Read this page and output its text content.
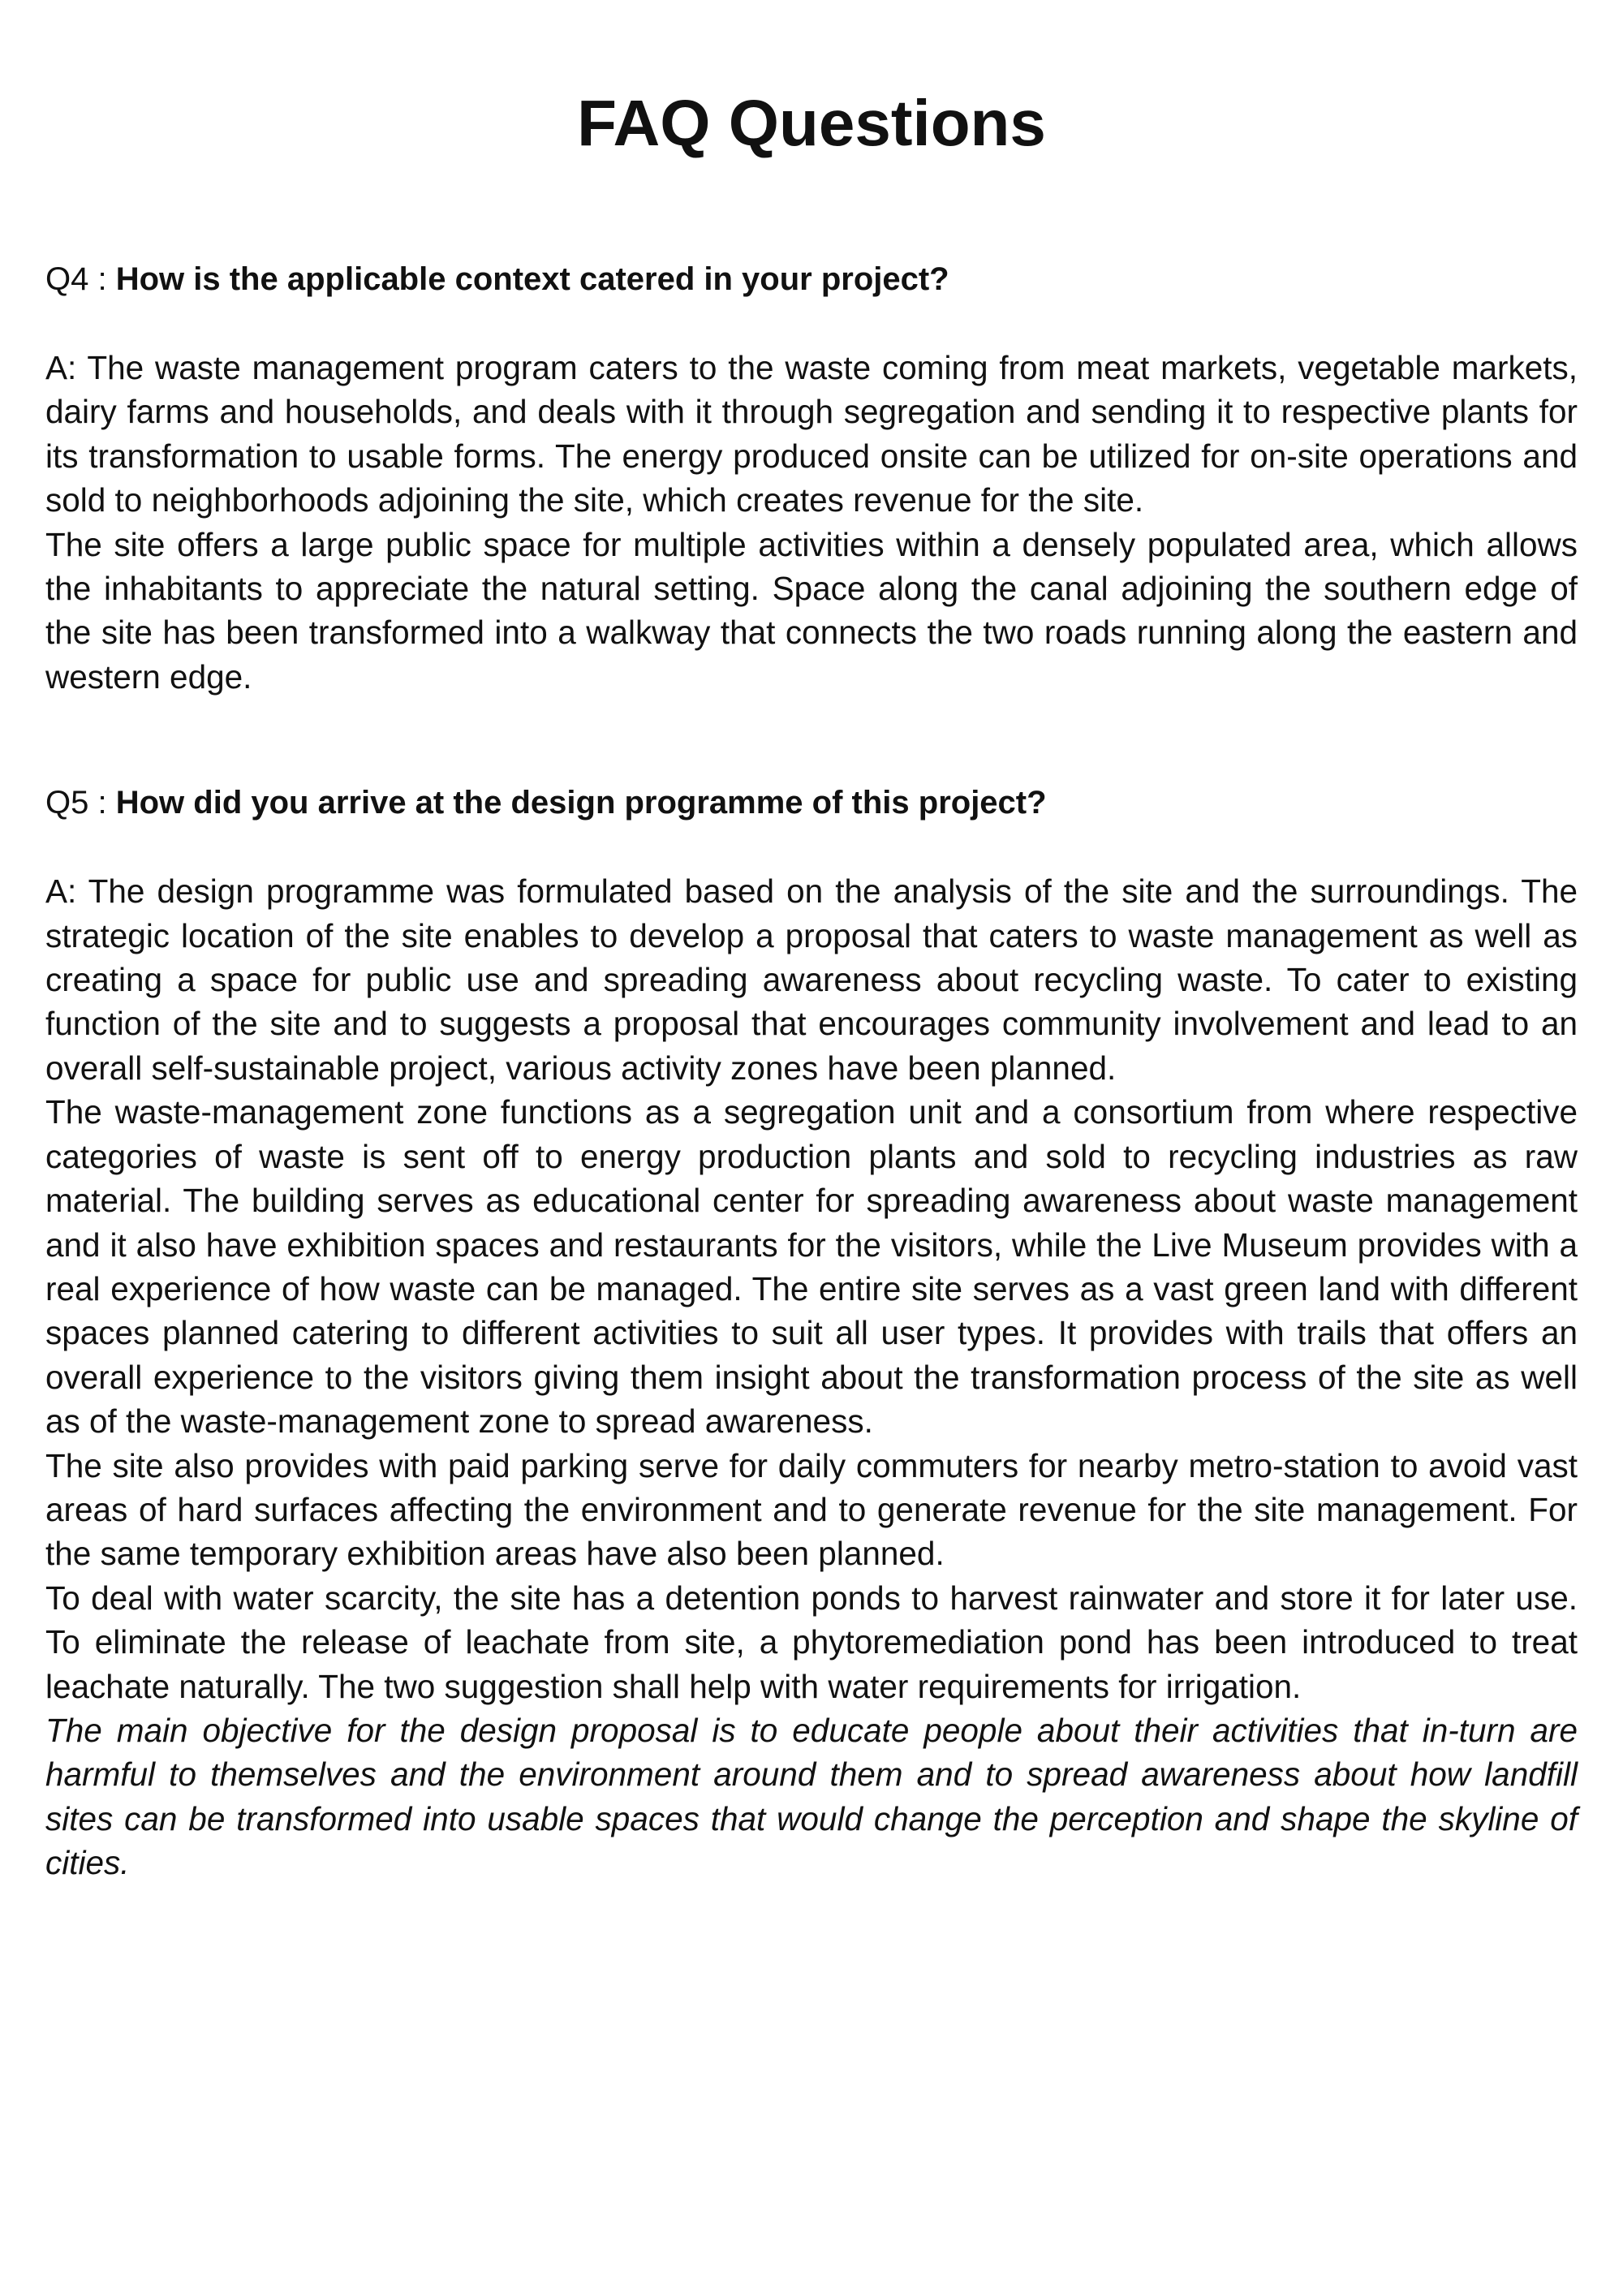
FAQ Questions
Q4 : How is the applicable context catered in your project?

A: The waste management program caters to the waste coming from meat markets, vegetable markets, dairy farms and households, and deals with it through segregation and sending it to respective plants for its transformation to usable forms. The energy produced onsite can be utilized for on-site operations and sold to neighborhoods adjoining the site, which creates revenue for the site.

The site offers a large public space for multiple activities within a densely populated area, which allows the inhabitants to appreciate the natural setting. Space along the canal adjoining the southern edge of the site has been transformed into a walkway that connects the two roads running along the eastern and western edge.

Q5 : How did you arrive at the design programme of this project?

A: The design programme was formulated based on the analysis of the site and the surroundings. The strategic location of the site enables to develop a proposal that caters to waste management as well as creating a space for public use and spreading awareness about recycling waste. To cater to existing function of the site and to suggests a proposal that encourages community involvement and lead to an overall self-sustainable project, various activity zones have been planned.

The waste-management zone functions as a segregation unit and a consortium from where respective categories of waste is sent off to energy production plants and sold to recycling industries as raw material. The building serves as educational center for spreading awareness about waste management and it also have exhibition spaces and restaurants for the visitors, while the Live Museum provides with a real experience of how waste can be managed. The entire site serves as a vast green land with different spaces planned catering to different activities to suit all user types. It provides with trails that offers an overall experience to the visitors giving them insight about the transformation process of the site as well as of the waste-management zone to spread awareness.

The site also provides with paid parking serve for daily commuters for nearby metro-station to avoid vast areas of hard surfaces affecting the environment and to generate revenue for the site management. For the same temporary exhibition areas have also been planned.

To deal with water scarcity, the site has a detention ponds to harvest rainwater and store it for later use. To eliminate the release of leachate from site, a phytoremediation pond has been introduced to treat leachate naturally. The two suggestion shall help with water requirements for irrigation.

The main objective for the design proposal is to educate people about their activities that in-turn are harmful to themselves and the environment around them and to spread awareness about how landfill sites can be transformed into usable spaces that would change the perception and shape the skyline of cities.
